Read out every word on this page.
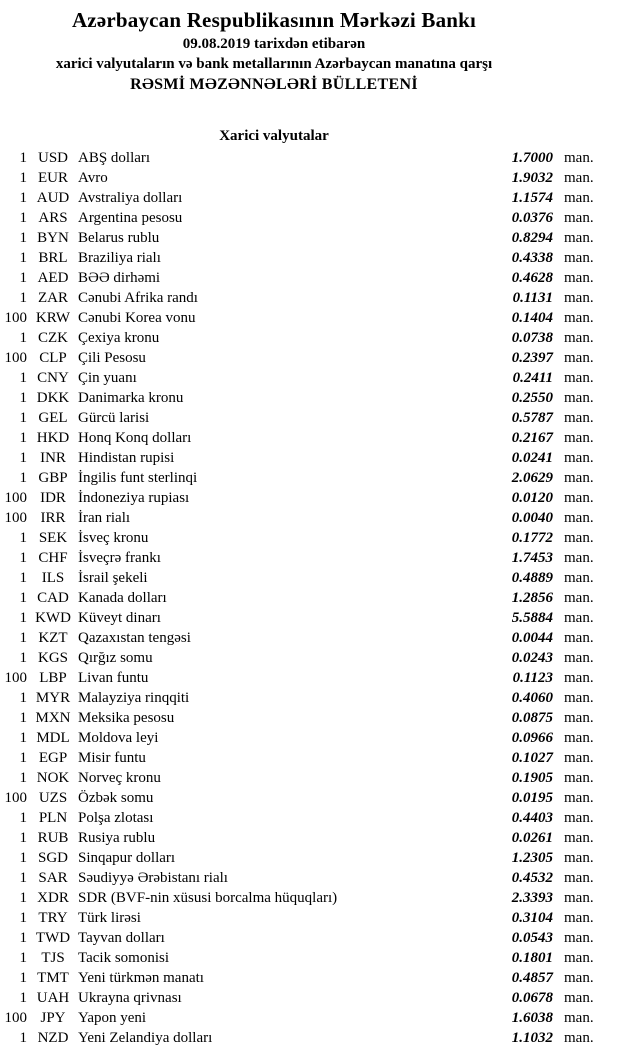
Azərbaycan Respublikasının Mərkəzi Bankı
09.08.2019 tarixdən etibarən
xarici valyutaların və bank metallarının Azərbaycan manatına qarşı
RƏSMİ MƏZƏNNƏLƏRİ BÜLLETENİ
Xarici valyutalar
1 USD ABŞ dolları	1.7000 man.
1 EUR Avro	1.9032 man.
1 AUD Avstraliya dolları	1.1574 man.
1 ARS Argentina pesosu	0.0376 man.
1 BYN Belarus rublu	0.8294 man.
1 BRL Braziliya rialı	0.4338 man.
1 AED BƏƏ dirhəmi	0.4628 man.
1 ZAR Cənubi Afrika randı	0.1131 man.
100 KRW Cənubi Korea vonu	0.1404 man.
1 CZK Çexiya kronu	0.0738 man.
100 CLP Çili Pesosu	0.2397 man.
1 CNY Çin yuanı	0.2411 man.
1 DKK Danimarka kronu	0.2550 man.
1 GEL Gürcü larisi	0.5787 man.
1 HKD Honq Konq dolları	0.2167 man.
1 INR Hindistan rupisi	0.0241 man.
1 GBP İngilis funt sterlinqi	2.0629 man.
100 IDR İndoneziya rupiası	0.0120 man.
100 IRR İran rialı	0.0040 man.
1 SEK İsveç kronu	0.1772 man.
1 CHF İsveçrə frankı	1.7453 man.
1 ILS İsrail şekeli	0.4889 man.
1 CAD Kanada dolları	1.2856 man.
1 KWD Küveyt dinarı	5.5884 man.
1 KZT Qazaxıstan tengəsi	0.0044 man.
1 KGS Qırğız somu	0.0243 man.
100 LBP Livan funtu	0.1123 man.
1 MYR Malayziya rinqqiti	0.4060 man.
1 MXN Meksika pesosu	0.0875 man.
1 MDL Moldova leyi	0.0966 man.
1 EGP Misir funtu	0.1027 man.
1 NOK Norveç kronu	0.1905 man.
100 UZS Özbək somu	0.0195 man.
1 PLN Polşa zlotası	0.4403 man.
1 RUB Rusiya rublu	0.0261 man.
1 SGD Sinqapur dolları	1.2305 man.
1 SAR Səudiyyə Ərəbistanı rialı	0.4532 man.
1 XDR SDR (BVF-nin xüsusi borcalma hüquqları)	2.3393 man.
1 TRY Türk lirəsi	0.3104 man.
1 TWD Tayvan dolları	0.0543 man.
1 TJS Tacik somonisi	0.1801 man.
1 TMT Yeni türkmən manatı	0.4857 man.
1 UAH Ukrayna qrivnası	0.0678 man.
100 JPY Yapon yeni	1.6038 man.
1 NZD Yeni Zelandiya dolları	1.1032 man.
